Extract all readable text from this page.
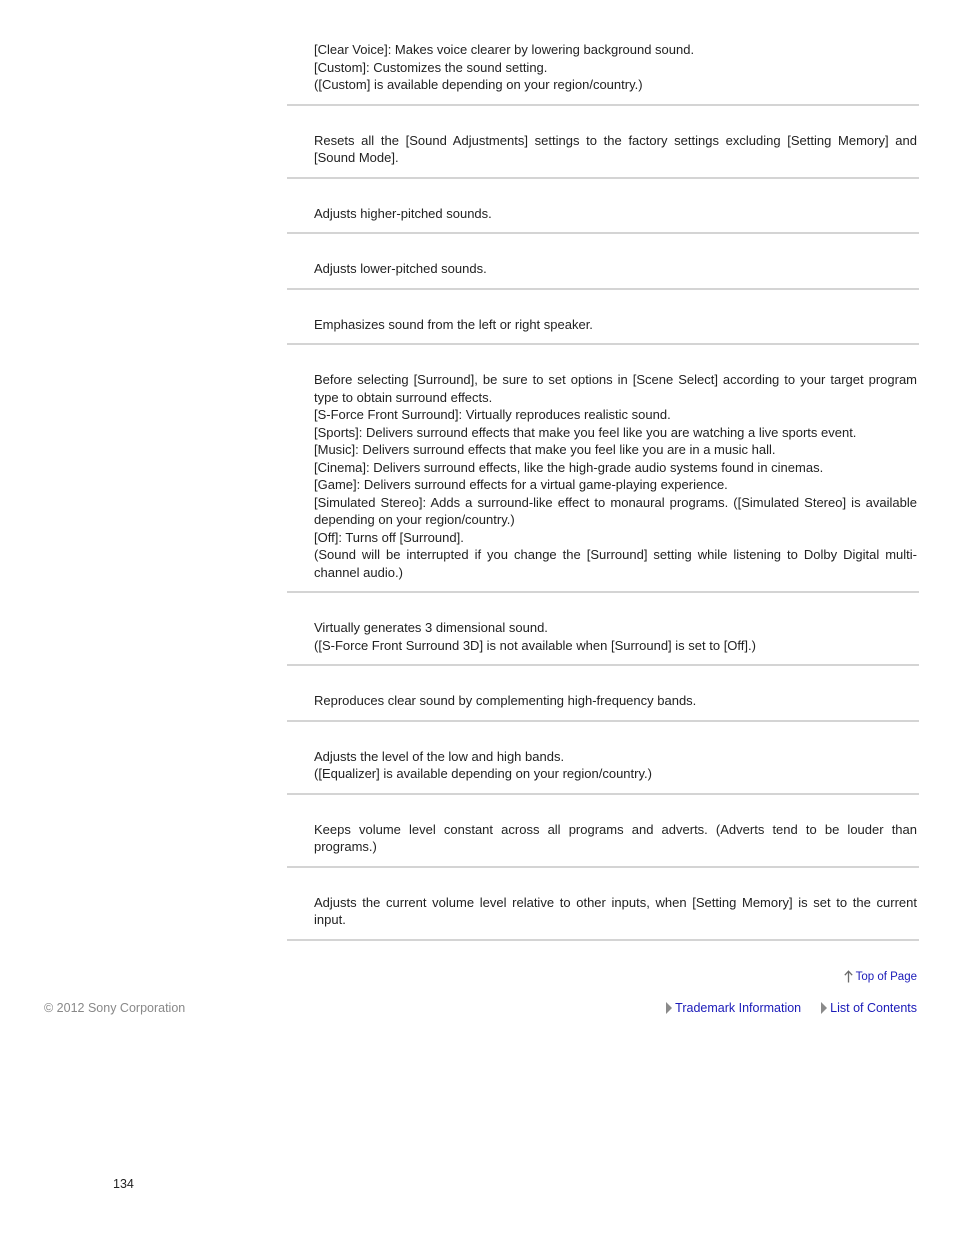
[Clear Voice]: Makes voice clearer by lowering background sound.
[Custom]: Customizes the sound setting.
([Custom] is available depending on your region/country.)

Resets all the [Sound Adjustments] settings to the factory settings excluding [Setting Memory] and [Sound Mode].

Adjusts higher-pitched sounds.

Adjusts lower-pitched sounds.

Emphasizes sound from the left or right speaker.

Before selecting [Surround], be sure to set options in [Scene Select] according to your target program type to obtain surround effects.
[S-Force Front Surround]: Virtually reproduces realistic sound.
[Sports]: Delivers surround effects that make you feel like you are watching a live sports event.
[Music]: Delivers surround effects that make you feel like you are in a music hall.
[Cinema]: Delivers surround effects, like the high-grade audio systems found in cinemas.
[Game]: Delivers surround effects for a virtual game-playing experience.
[Simulated Stereo]: Adds a surround-like effect to monaural programs. ([Simulated Stereo] is available depending on your region/country.)
[Off]: Turns off [Surround].
(Sound will be interrupted if you change the [Surround] setting while listening to Dolby Digital multi-channel audio.)

Virtually generates 3 dimensional sound.
([S-Force Front Surround 3D] is not available when [Surround] is set to [Off].)

Reproduces clear sound by complementing high-frequency bands.

Adjusts the level of the low and high bands.
([Equalizer] is available depending on your region/country.)

Keeps volume level constant across all programs and adverts. (Adverts tend to be louder than programs.)

Adjusts the current volume level relative to other inputs, when [Setting Memory] is set to the current input.

Top of Page

© 2012 Sony Corporation	Trademark Information List of Contents

134
